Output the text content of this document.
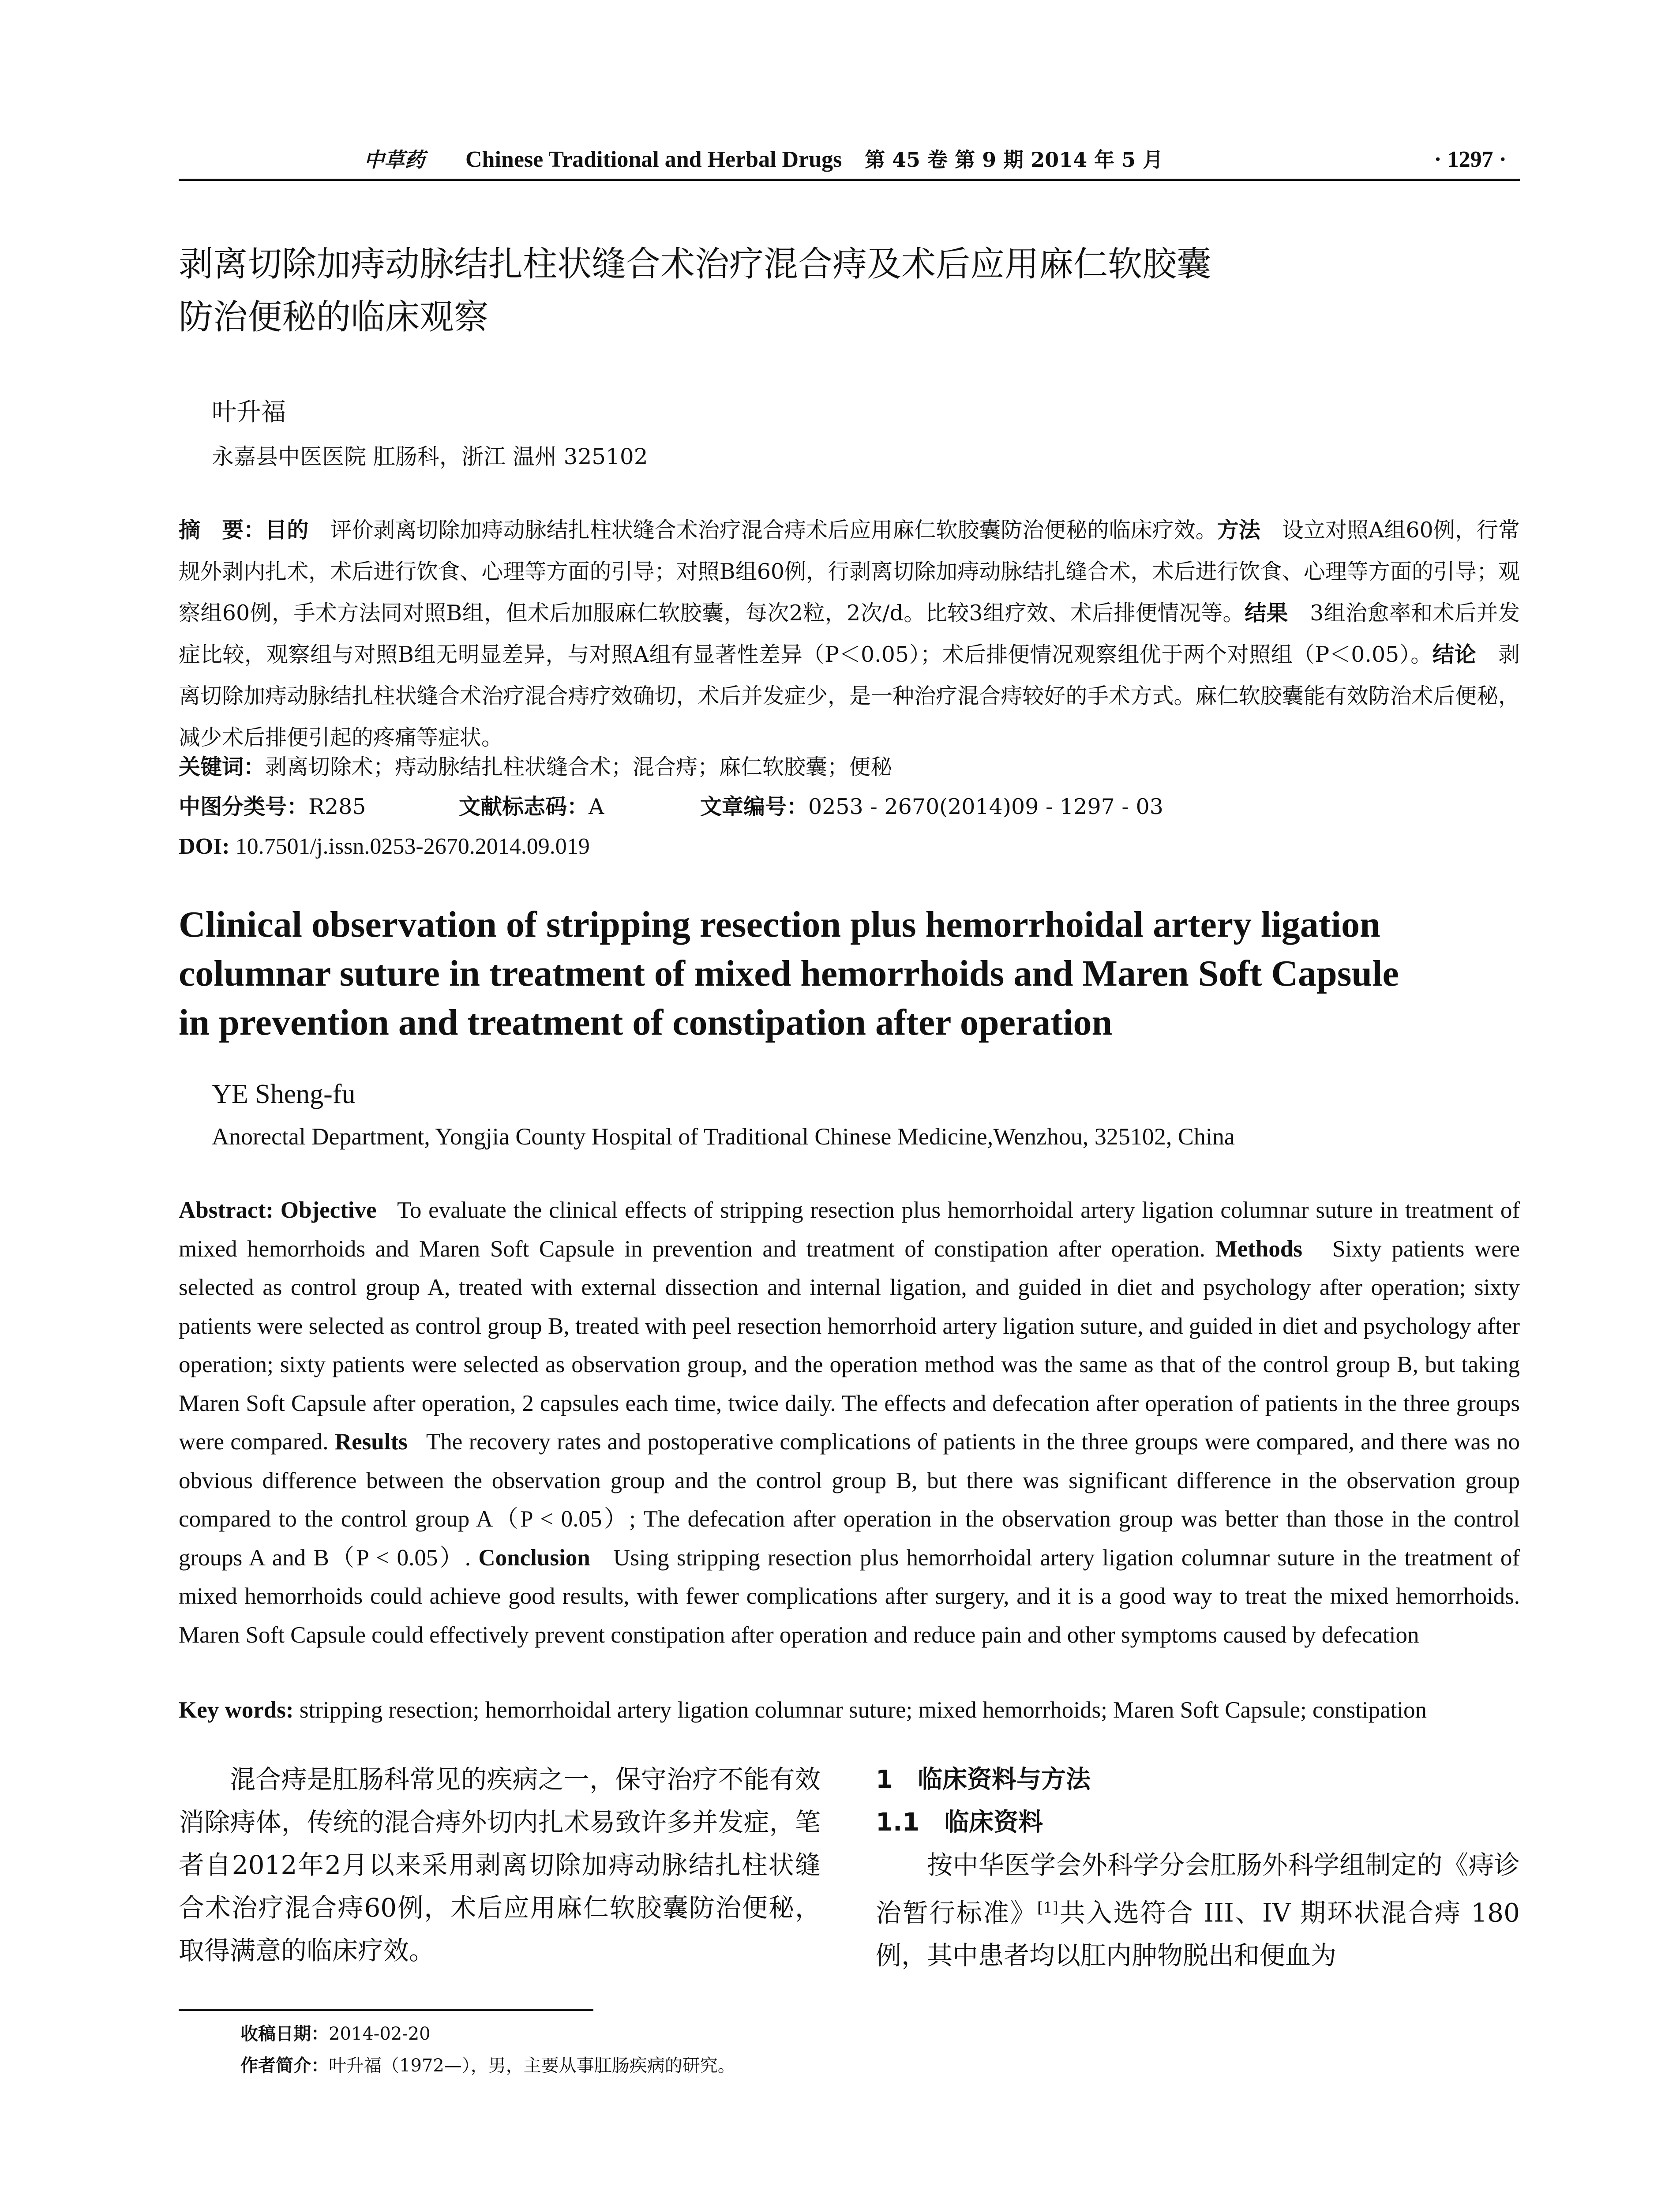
中草药 Chinese Traditional and Herbal Drugs 第 45 卷 第 9 期 2014 年 5 月	· 1297 ·
剥离切除加痔动脉结扎柱状缝合术治疗混合痔及术后应用麻仁软胶囊
防治便秘的临床观察
叶升福
永嘉县中医医院 肛肠科，浙江 温州 325102
摘　要：目的　 评价剥离切除加痔动脉结扎柱状缝合术治疗混合痔术后应用麻仁软胶囊防治便秘的临床疗效。方法　 设立对照A组60例，行常规外剥内扎术，术后进行饮食、心理等方面的引导；对照B组60例，行剥离切除加痔动脉结扎缝合术，术后进行饮食、心理等方面的引导；观察组60例，手术方法同对照B组，但术后加服麻仁软胶囊，每次2粒，2次/d。比较3组疗效、术后排便情况等。结果　 3组治愈率和术后并发症比较，观察组与对照B组无明显差异，与对照A组有显著性差异（P＜0.05）；术后排便情况观察组优于两个对照组（P＜0.05）。结论　 剥离切除加痔动脉结扎柱状缝合术治疗混合痔疗效确切，术后并发症少，是一种治疗混合痔较好的手术方式。麻仁软胶囊能有效防治术后便秘，减少术后排便引起的疼痛等症状。
关键词：剥离切除术；痔动脉结扎柱状缝合术；混合痔；麻仁软胶囊；便秘
中图分类号： R285	文献标志码： A	文章编号： 0253 - 2670(2014)09 - 1297 - 03
DOI: 10.7501/j.issn.0253-2670.2014.09.019
Clinical observation of stripping resection plus hemorrhoidal artery ligation
columnar suture in treatment of mixed hemorrhoids and Maren Soft Capsule
in prevention and treatment of constipation after operation
YE Sheng-fu
Anorectal Department, Yongjia County Hospital of Traditional Chinese Medicine,Wenzhou, 325102, China
Abstract: Objective To evaluate the clinical effects of stripping resection plus hemorrhoidal artery ligation columnar suture in treatment of mixed hemorrhoids and Maren Soft Capsule in prevention and treatment of constipation after operation. Methods Sixty patients were selected as control group A, treated with external dissection and internal ligation, and guided in diet and psychology after operation; sixty patients were selected as control group B, treated with peel resection hemorrhoid artery ligation suture, and guided in diet and psychology after operation; sixty patients were selected as observation group, and the operation method was the same as that of the control group B, but taking Maren Soft Capsule after operation, 2 capsules each time, twice daily. The effects and defecation after operation of patients in the three groups were compared. Results The recovery rates and postoperative complications of patients in the three groups were compared, and there was no obvious difference between the observation group and the control group B, but there was significant difference in the observation group compared to the control group A（P < 0.05）; The defecation after operation in the observation group was better than those in the control groups A and B（P < 0.05）. Conclusion Using stripping resection plus hemorrhoidal artery ligation columnar suture in the treatment of mixed hemorrhoids could achieve good results, with fewer complications after surgery, and it is a good way to treat the mixed hemorrhoids. Maren Soft Capsule could effectively prevent constipation after operation and reduce pain and other symptoms caused by defecation
Key words: stripping resection; hemorrhoidal artery ligation columnar suture; mixed hemorrhoids; Maren Soft Capsule; constipation
混合痔是肛肠科常见的疾病之一，保守治疗不能有效消除痔体，传统的混合痔外切内扎术易致许多并发症，笔者自2012年2月以来采用剥离切除加痔动脉结扎柱状缝合术治疗混合痔60例，术后应用麻仁软胶囊防治便秘，取得满意的临床疗效。
1　临床资料与方法
1.1　临床资料
按中华医学会外科学分会肛肠外科学组制定的《痔诊治暂行标准》[1]共入选符合 III、IV 期环状混合痔 180 例，其中患者均以肛内肿物脱出和便血为
收稿日期：2014-02-20
作者简介：叶升福（1972—），男，主要从事肛肠疾病的研究。
